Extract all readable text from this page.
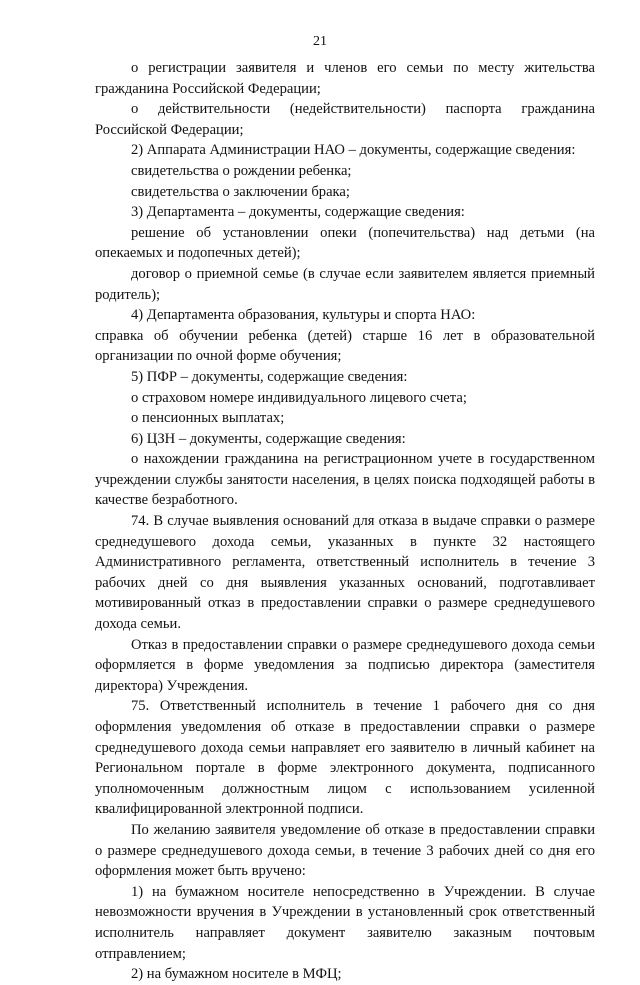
21

о регистрации заявителя и членов его семьи по месту жительства гражданина Российской Федерации;

о действительности (недействительности) паспорта гражданина Российской Федерации;

2) Аппарата Администрации НАО – документы, содержащие сведения:

свидетельства о рождении ребенка;

свидетельства о заключении брака;

3) Департамента – документы, содержащие сведения:

решение об установлении опеки (попечительства) над детьми (на опекаемых и подопечных детей);

договор о приемной семье (в случае если заявителем является приемный родитель);

4) Департамента образования, культуры и спорта НАО:

справка об обучении ребенка (детей) старше 16 лет в образовательной организации по очной форме обучения;

5) ПФР – документы, содержащие сведения:

о страховом номере индивидуального лицевого счета;

о пенсионных выплатах;

6) ЦЗН – документы, содержащие сведения:

о нахождении гражданина на регистрационном учете в государственном учреждении службы занятости населения, в целях поиска подходящей работы в качестве безработного.

74. В случае выявления оснований для отказа в выдаче справки о размере среднедушевого дохода семьи, указанных в пункте 32 настоящего Административного регламента, ответственный исполнитель в течение 3 рабочих дней со дня выявления указанных оснований, подготавливает мотивированный отказ в предоставлении справки о размере среднедушевого дохода семьи.

Отказ в предоставлении справки о размере среднедушевого дохода семьи оформляется в форме уведомления за подписью директора (заместителя директора) Учреждения.

75. Ответственный исполнитель в течение 1 рабочего дня со дня оформления уведомления об отказе в предоставлении справки о размере среднедушевого дохода семьи направляет его заявителю в личный кабинет на Региональном портале в форме электронного документа, подписанного уполномоченным должностным лицом с использованием усиленной квалифицированной электронной подписи.

По желанию заявителя уведомление об отказе в предоставлении справки о размере среднедушевого дохода семьи, в течение 3 рабочих дней со дня его оформления может быть вручено:

1) на бумажном носителе непосредственно в Учреждении. В случае невозможности вручения в Учреждении в установленный срок ответственный исполнитель направляет документ заявителю заказным почтовым отправлением;

2) на бумажном носителе в МФЦ;
